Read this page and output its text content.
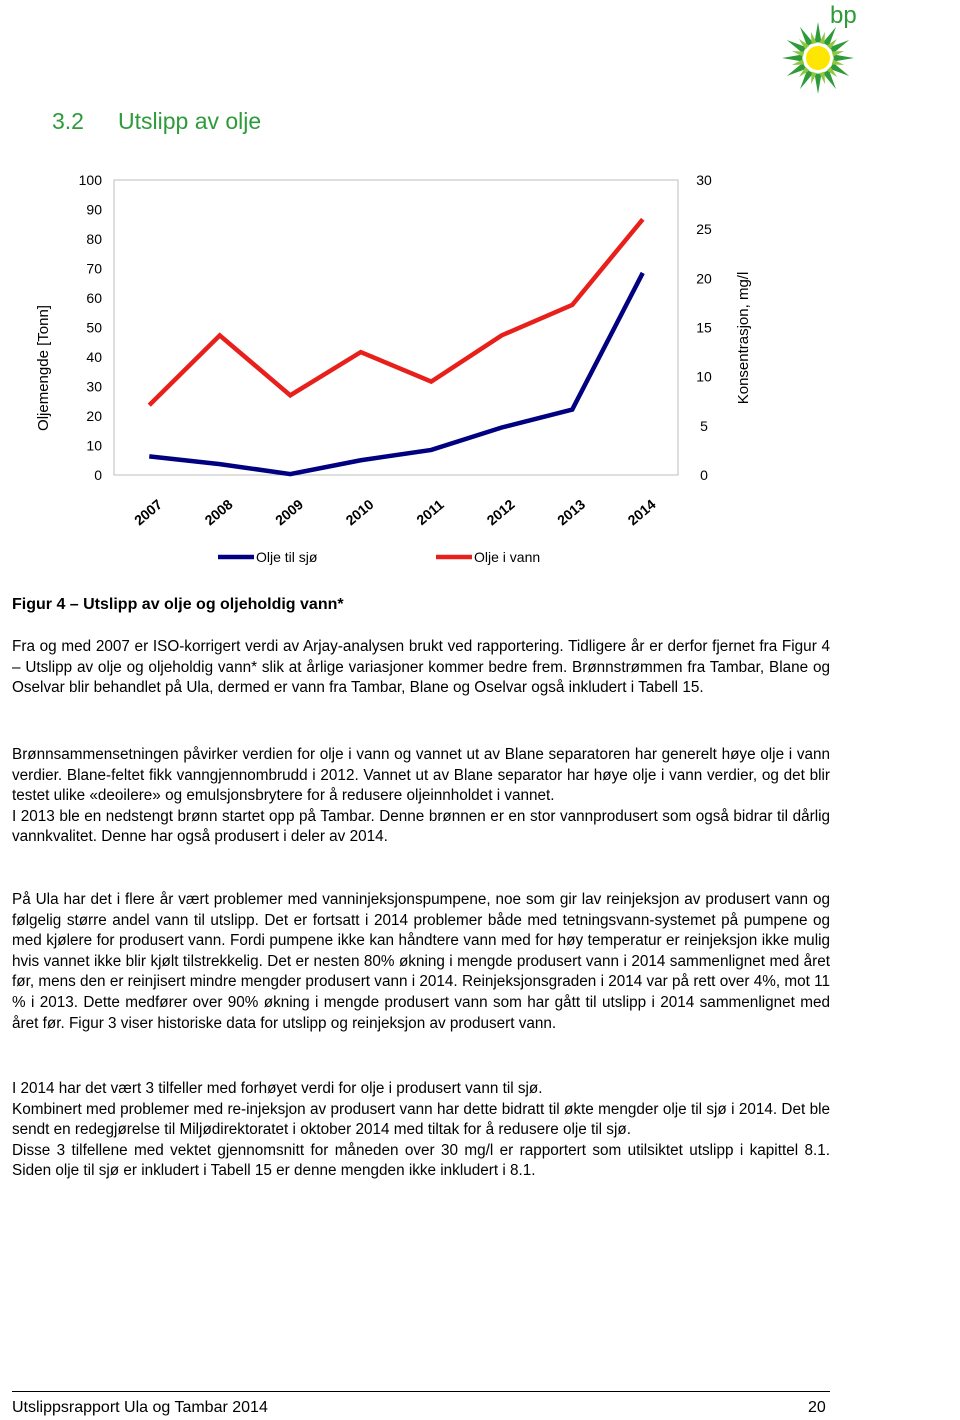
bp
3.2 Utslipp av olje
Oljemengde [Tonn]	Konsentrasjon, mg/l
100
90
80
70
60
50
40
30
20
10
0
30
25
20
15
10
5
0
2007	2008	2009	2010	2011	2012	2013	2014
Olje til sjø	Olje i vann

Figur 4 – Utslipp av olje og oljeholdig vann*

Fra og med 2007 er ISO-korrigert verdi av Arjay-analysen brukt ved rapportering. Tidligere år er derfor fjernet fra Figur 4 – Utslipp av olje og oljeholdig vann* slik at årlige variasjoner kommer bedre frem. Brønnstrømmen fra Tambar, Blane og Oselvar blir behandlet på Ula, dermed er vann fra Tambar, Blane og Oselvar også inkludert i Tabell 15.

Brønnsammensetningen påvirker verdien for olje i vann og vannet ut av Blane separatoren har generelt høye olje i vann verdier. Blane-feltet fikk vanngjennombrudd i 2012. Vannet ut av Blane separator har høye olje i vann verdier, og det blir testet ulike «deoilere» og emulsjonsbrytere for å redusere oljeinnholdet i vannet.

I 2013 ble en nedstengt brønn startet opp på Tambar. Denne brønnen er en stor vannprodusert som også bidrar til dårlig vannkvalitet. Denne har også produsert i deler av 2014.

På Ula har det i flere år vært problemer med vanninjeksjonspumpene, noe som gir lav reinjeksjon av produsert vann og følgelig større andel vann til utslipp. Det er fortsatt i 2014 problemer både med tetningsvann-systemet på pumpene og med kjølere for produsert vann. Fordi pumpene ikke kan håndtere vann med for høy temperatur er reinjeksjon ikke mulig hvis vannet ikke blir kjølt tilstrekkelig. Det er nesten 80% økning i mengde produsert vann i 2014 sammenlignet med året før, mens den er reinjisert mindre mengder produsert vann i 2014. Reinjeksjonsgraden i 2014 var på rett over 4%, mot 11 % i 2013. Dette medfører over 90% økning i mengde produsert vann som har gått til utslipp i 2014 sammenlignet med året før. Figur 3 viser historiske data for utslipp og reinjeksjon av produsert vann.

I 2014 har det vært 3 tilfeller med forhøyet verdi for olje i produsert vann til sjø.

Kombinert med problemer med re-injeksjon av produsert vann har dette bidratt til økte mengder olje til sjø i 2014. Det ble sendt en redegjørelse til Miljødirektoratet i oktober 2014 med tiltak for å redusere olje til sjø.

Disse 3 tilfellene med vektet gjennomsnitt for måneden over 30 mg/l er rapportert som utilsiktet utslipp i kapittel 8.1. Siden olje til sjø er inkludert i Tabell 15 er denne mengden ikke inkludert i 8.1.

Utslippsrapport Ula og Tambar 2014	20
